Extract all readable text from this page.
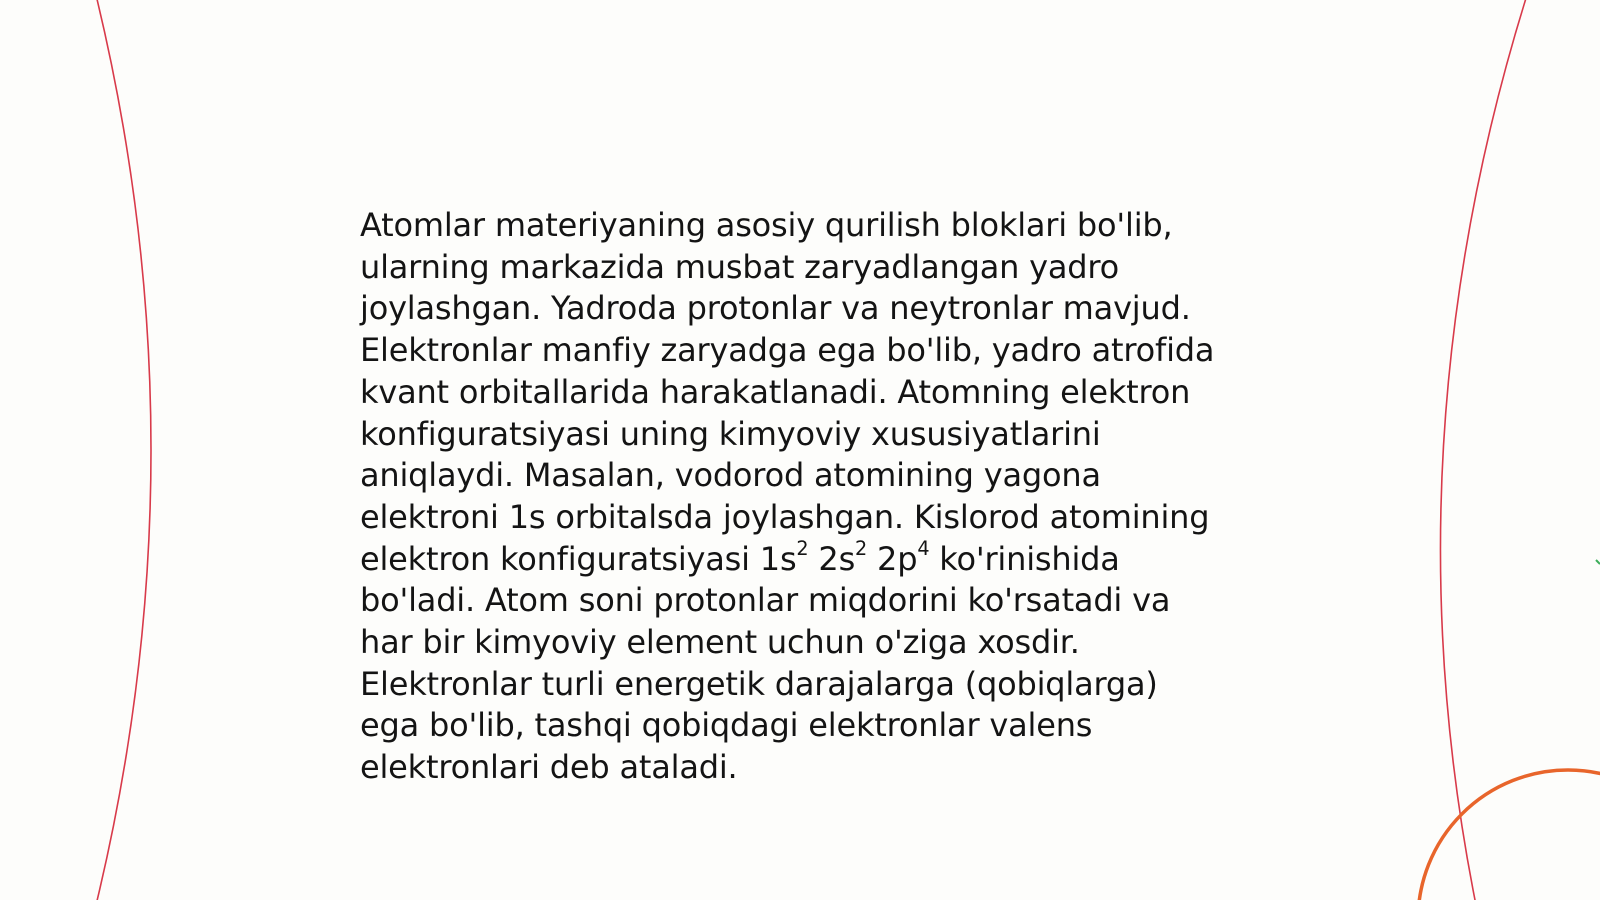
Atomlar materiyaning asosiy qurilish bloklari bo'lib,
ularning markazida musbat zaryadlangan yadro
joylashgan. Yadroda protonlar va neytronlar mavjud.
Elektronlar manfiy zaryadga ega bo'lib, yadro atrofida
kvant orbitallarida harakatlanadi. Atomning elektron
konfiguratsiyasi uning kimyoviy xususiyatlarini
aniqlaydi. Masalan, vodorod atomining yagona
elektroni 1s orbitalsda joylashgan. Kislorod atomining
elektron konfiguratsiyasi $1s^2$ $2s^2$ $2p^4$ ko'rinishida
bo'ladi. Atom soni protonlar miqdorini ko'rsatadi va
har bir kimyoviy element uchun o'ziga xosdir.
Elektronlar turli energetik darajalarga (qobiqlarga)
ega bo'lib, tashqi qobiqdagi elektronlar valens
elektronlari deb ataladi.
